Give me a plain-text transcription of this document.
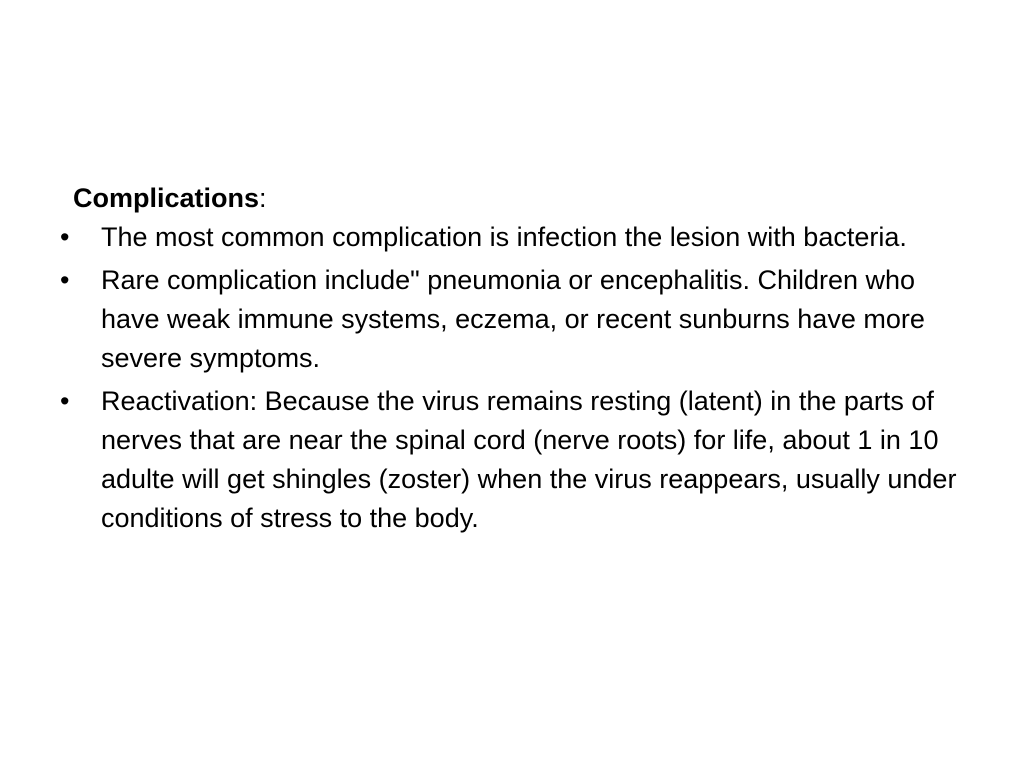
Complications:
•	The most common complication is infection the lesion with bacteria.
•	Rare complication include" pneumonia or encephalitis. Children who have weak immune systems, eczema, or recent sunburns have more severe symptoms.
•	Reactivation: Because the virus remains resting (latent) in the parts of nerves that are near the spinal cord (nerve roots) for life, about 1 in 10 adulte will get shingles (zoster) when the virus reappears, usually under conditions of stress to the body.
